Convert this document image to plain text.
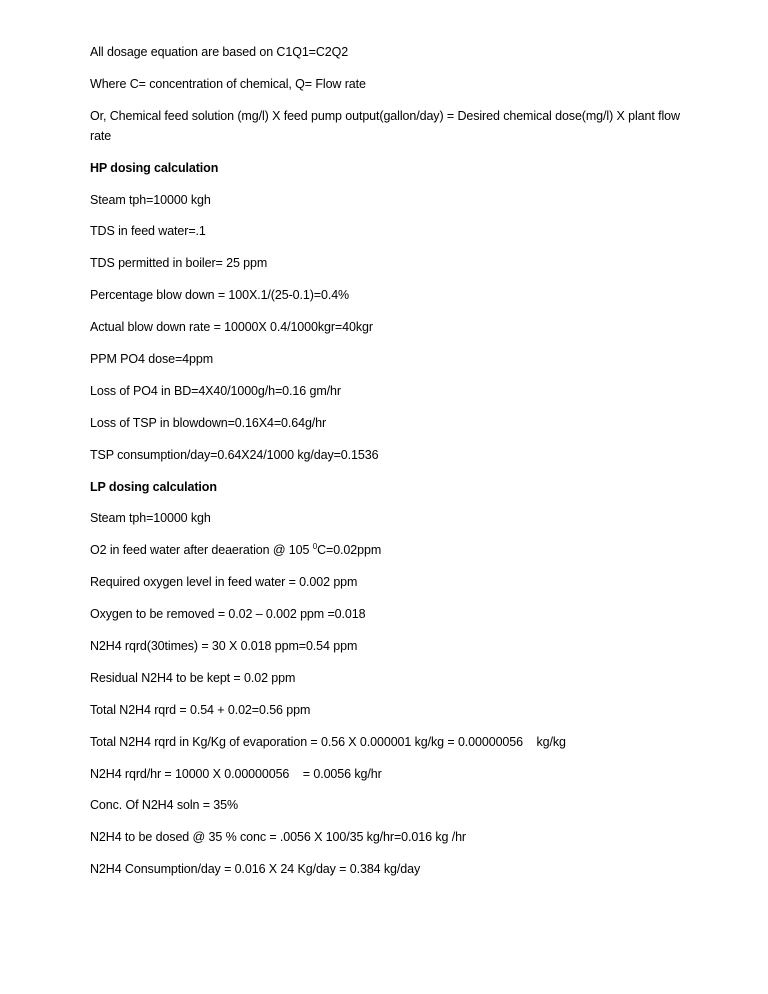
All dosage equation are based on C1Q1=C2Q2
Where C= concentration of chemical, Q= Flow rate
Or, Chemical feed solution (mg/l) X feed pump output(gallon/day) = Desired chemical dose(mg/l) X plant flow rate
HP dosing calculation
Steam tph=10000 kgh
TDS in feed water=.1
TDS permitted in boiler= 25 ppm
Percentage blow down = 100X.1/(25-0.1)=0.4%
Actual blow down rate = 10000X 0.4/1000kgr=40kgr
PPM PO4 dose=4ppm
Loss of PO4 in BD=4X40/1000g/h=0.16 gm/hr
Loss of TSP in blowdown=0.16X4=0.64g/hr
TSP consumption/day=0.64X24/1000 kg/day=0.1536
LP dosing calculation
Steam tph=10000 kgh
O2 in feed water after deaeration @ 105 $^0$C=0.02ppm
Required oxygen level in feed water = 0.002 ppm
Oxygen to be removed = 0.02 – 0.002 ppm =0.018
N2H4 rqrd(30times) = 30 X 0.018 ppm=0.54 ppm
Residual N2H4 to be kept = 0.02 ppm
Total N2H4 rqrd = 0.54 + 0.02=0.56 ppm
Total N2H4 rqrd in Kg/Kg of evaporation = 0.56 X 0.000001 kg/kg = 0.00000056    kg/kg
N2H4 rqrd/hr = 10000 X 0.00000056    = 0.0056 kg/hr
Conc. Of N2H4 soln = 35%
N2H4 to be dosed @ 35 % conc = .0056 X 100/35 kg/hr=0.016 kg /hr
N2H4 Consumption/day = 0.016 X 24 Kg/day = 0.384 kg/day
